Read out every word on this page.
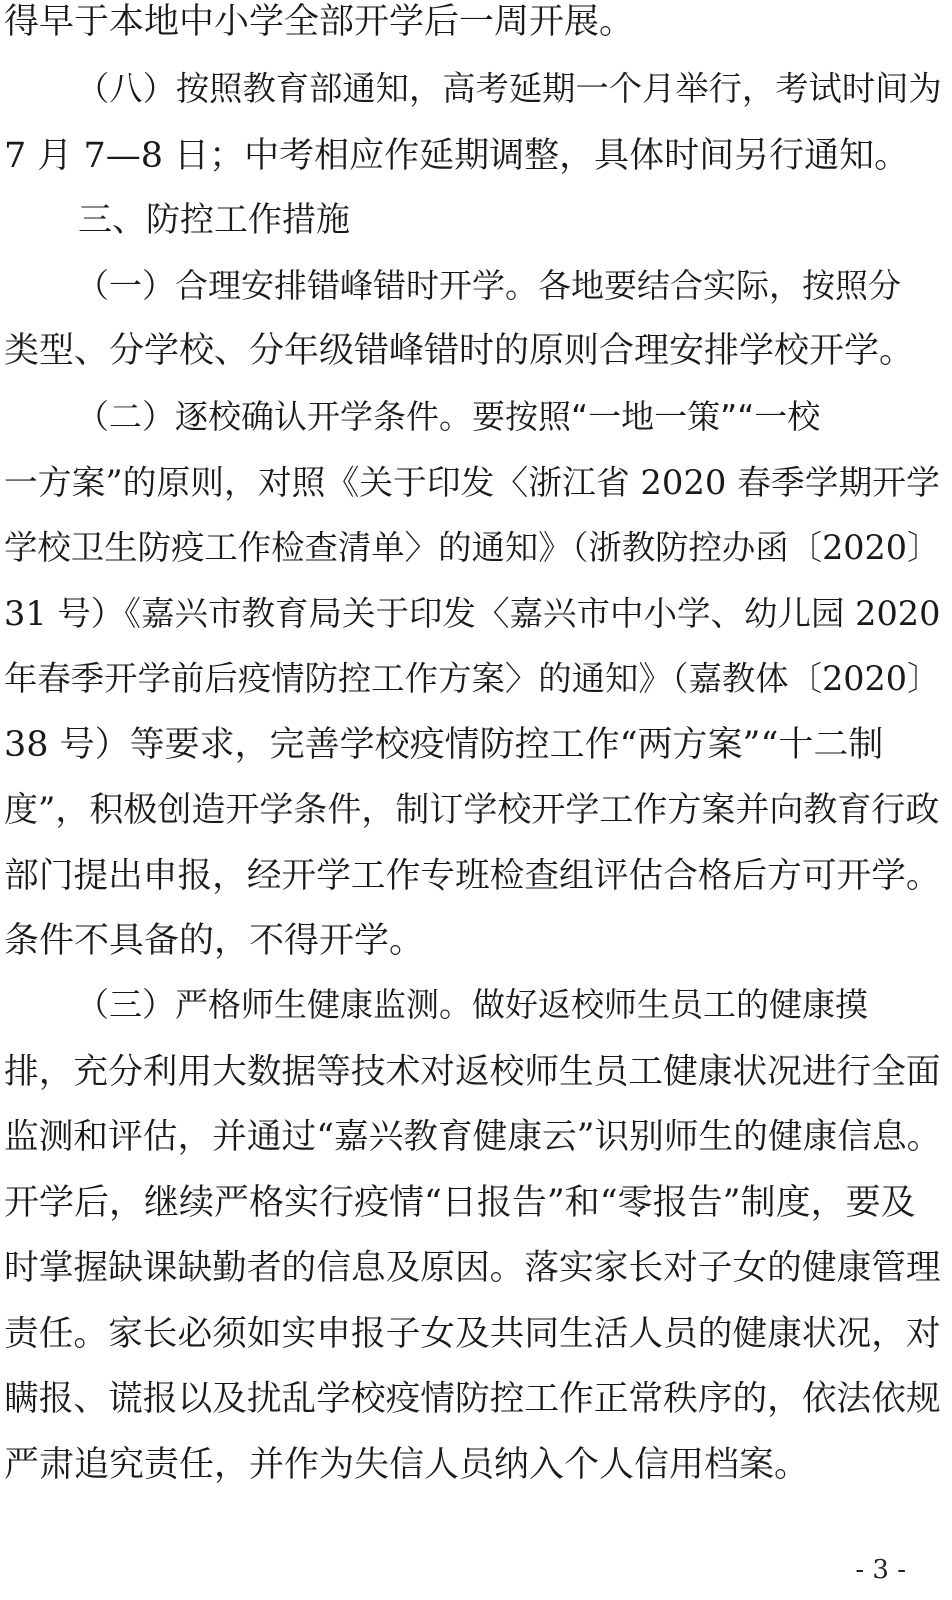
得早于本地中小学全部开学后一周开展。
（八）按照教育部通知，高考延期一个月举行，考试时间为
7 月 7—8 日；中考相应作延期调整，具体时间另行通知。
三、防控工作措施
（一）合理安排错峰错时开学。各地要结合实际，按照分
类型、分学校、分年级错峰错时的原则合理安排学校开学。
（二）逐校确认开学条件。要按照“一地一策”“一校
一方案”的原则，对照《关于印发〈浙江省 2020 春季学期开学
学校卫生防疫工作检查清单〉的通知》（浙教防控办函〔2020〕
31 号）《嘉兴市教育局关于印发〈嘉兴市中小学、幼儿园 2020
年春季开学前后疫情防控工作方案〉的通知》（嘉教体〔2020〕
38 号）等要求，完善学校疫情防控工作“两方案”“十二制
度”，积极创造开学条件，制订学校开学工作方案并向教育行政
部门提出申报，经开学工作专班检查组评估合格后方可开学。
条件不具备的，不得开学。
（三）严格师生健康监测。做好返校师生员工的健康摸
排，充分利用大数据等技术对返校师生员工健康状况进行全面
监测和评估，并通过“嘉兴教育健康云”识别师生的健康信息。
开学后，继续严格实行疫情“日报告”和“零报告”制度，要及
时掌握缺课缺勤者的信息及原因。落实家长对子女的健康管理
责任。家长必须如实申报子女及共同生活人员的健康状况，对
瞒报、谎报以及扰乱学校疫情防控工作正常秩序的，依法依规
严肃追究责任，并作为失信人员纳入个人信用档案。
- 3 -
